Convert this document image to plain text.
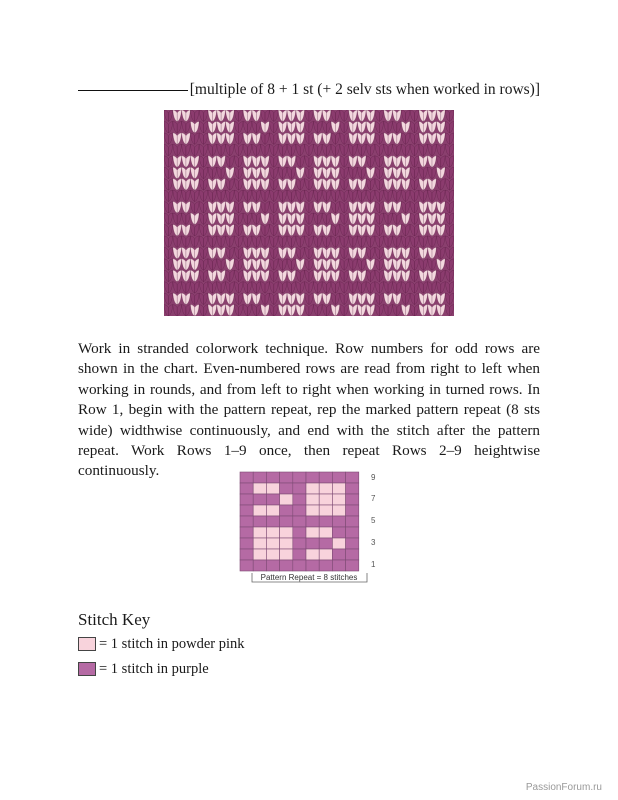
[multiple of 8 + 1 st (+ 2 selv sts when worked in rows)]
Work in stranded colorwork technique. Row numbers for odd rows are shown in the chart. Even-numbered rows are read from right to left when working in rounds, and from left to right when working in turned rows. In Row 1, begin with the pattern repeat, rep the marked pattern repeat (8 sts wide) widthwise continuously, and end with the stitch after the pattern repeat. Work Rows 1–9 once, then repeat Rows 2–9 heightwise continuously.	9
7
5
3
1
Pattern Repeat = 8 stitches
Stitch Key
= 1 stitch in powder pink
= 1 stitch in purple
PassionForum.ru
